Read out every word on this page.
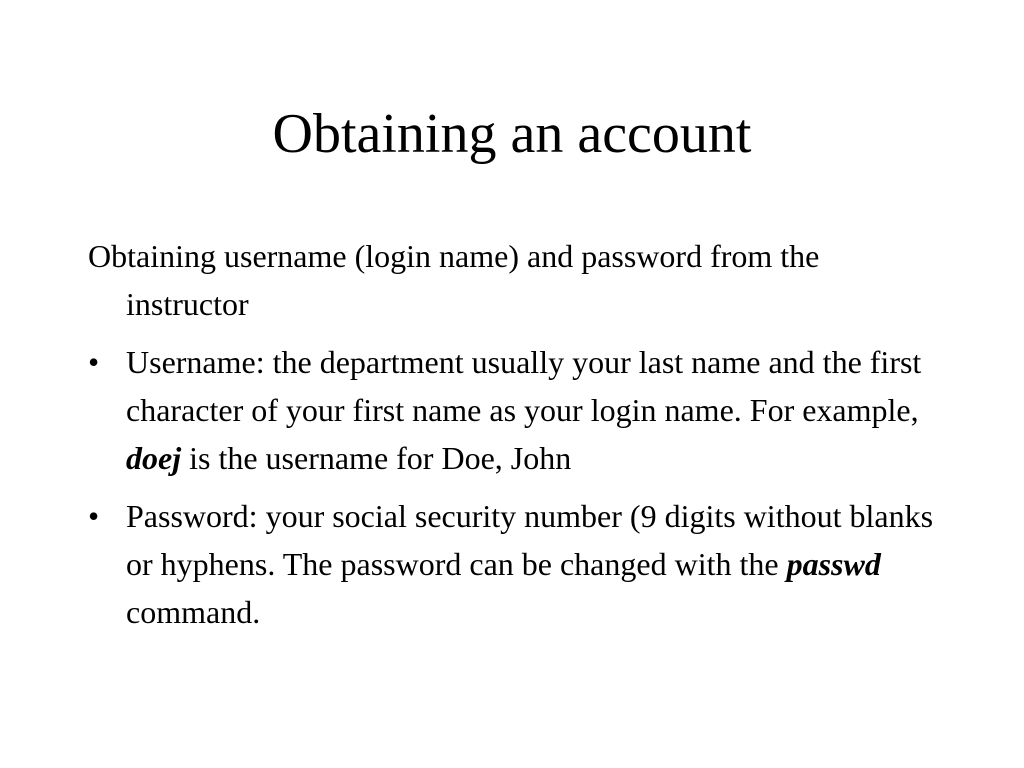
Obtaining an account

Obtaining username (login name) and password from the instructor

• Username: the department usually your last name and the first character of your first name as your login name. For example, doej is the username for Doe, John

• Password: your social security number (9 digits without blanks or hyphens. The password can be changed with the passwd command.
